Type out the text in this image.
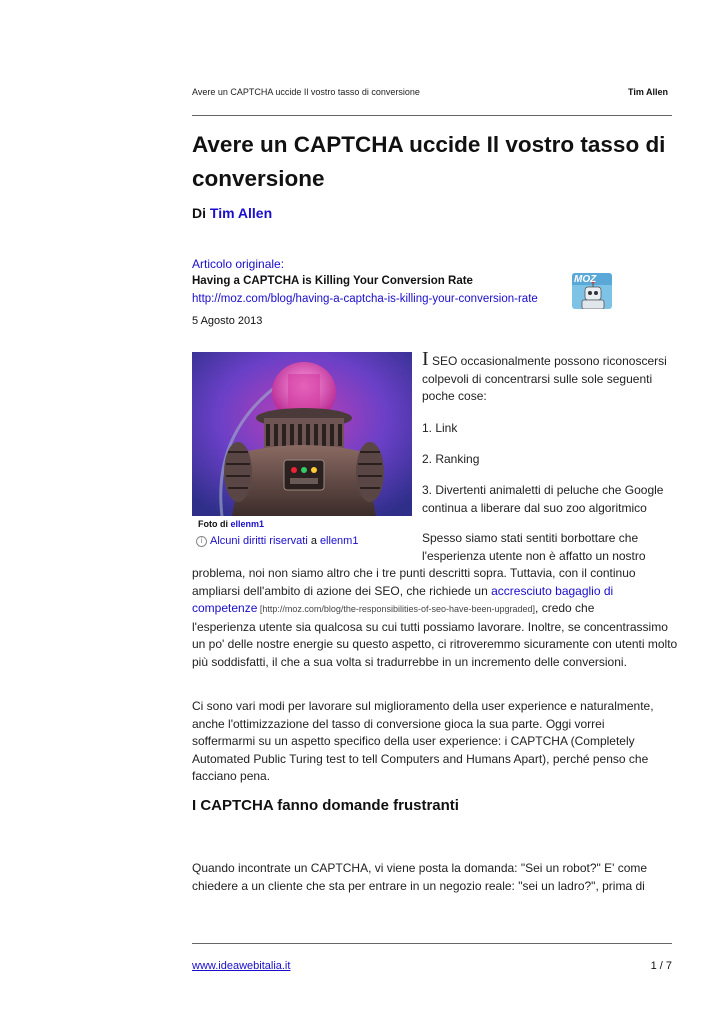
Avere un CAPTCHA uccide Il vostro tasso di conversione	Tim Allen
Avere un CAPTCHA uccide Il vostro tasso di conversione
Di Tim Allen
Articolo originale:
Having a CAPTCHA is Killing Your Conversion Rate
http://moz.com/blog/having-a-captcha-is-killing-your-conversion-rate
5 Agosto 2013
MOZ
Foto di ellenm1
i Alcuni diritti riservati a ellenm1
I SEO occasionalmente possono riconoscersi colpevoli di concentrarsi sulle sole seguenti poche cose:
1. Link
2. Ranking
3. Divertenti animaletti di peluche che Google continua a liberare dal suo zoo algoritmico
Spesso siamo stati sentiti borbottare che l'esperienza utente non è affatto un nostro
problema, noi non siamo altro che i tre punti descritti sopra. Tuttavia, con il continuo
ampliarsi dell'ambito di azione dei SEO, che richiede un accresciuto bagaglio di
competenze [http://moz.com/blog/the-responsibilities-of-seo-have-been-upgraded], credo che
l'esperienza utente sia qualcosa su cui tutti possiamo lavorare. Inoltre, se concentrassimo un po' delle nostre energie su questo aspetto, ci ritroveremmo sicuramente con utenti molto più soddisfatti, il che a sua volta si tradurrebbe in un incremento delle conversioni.
Ci sono vari modi per lavorare sul miglioramento della user experience e naturalmente, anche l'ottimizzazione del tasso di conversione gioca la sua parte. Oggi vorrei soffermarmi su un aspetto specifico della user experience: i CAPTCHA (Completely Automated Public Turing test to tell Computers and Humans Apart), perché penso che facciano pena.
I CAPTCHA fanno domande frustranti
Quando incontrate un CAPTCHA, vi viene posta la domanda: "Sei un robot?" E' come chiedere a un cliente che sta per entrare in un negozio reale: "sei un ladro?", prima di
www.ideawebitalia.it	1 / 7
